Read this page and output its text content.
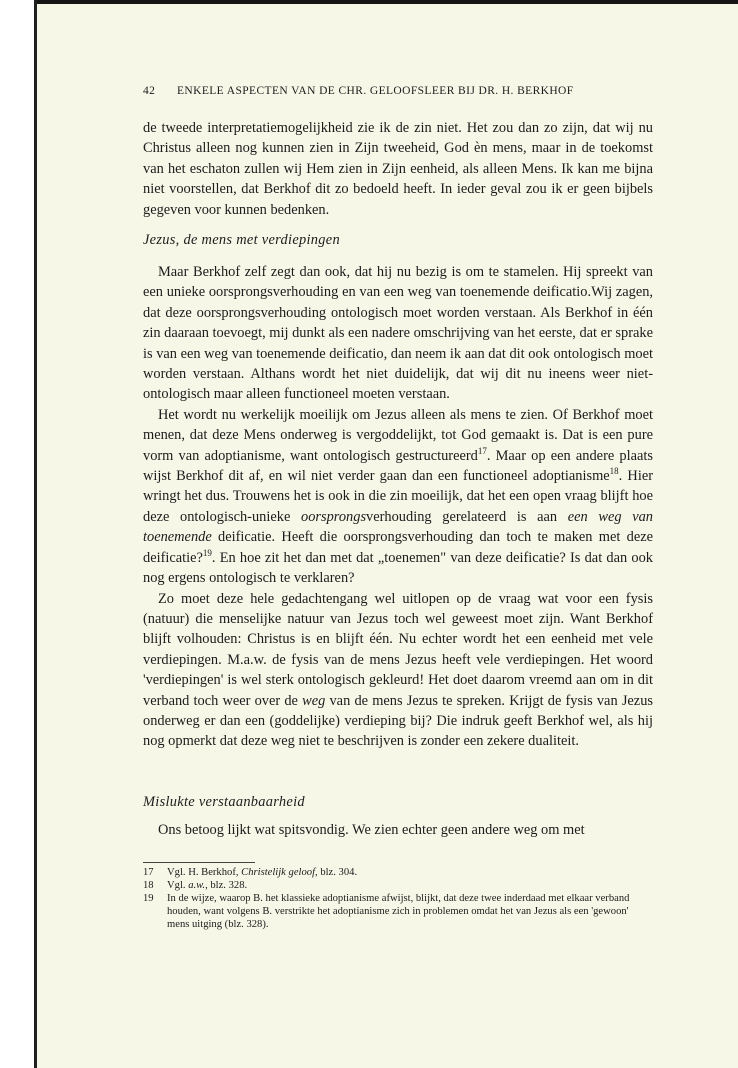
42 ENKELE ASPECTEN VAN DE CHR. GELOOFSLEER BIJ DR. H. BERKHOF

de tweede interpretatiemogelijkheid zie ik de zin niet. Het zou dan zo zijn, dat wij nu Christus alleen nog kunnen zien in Zijn tweeheid, God èn mens, maar in de toekomst van het eschaton zullen wij Hem zien in Zijn eenheid, als alleen Mens. Ik kan me bijna niet voorstellen, dat Berkhof dit zo bedoeld heeft. In ieder geval zou ik er geen bijbels gegeven voor kunnen bedenken.

Jezus, de mens met verdiepingen

Maar Berkhof zelf zegt dan ook, dat hij nu bezig is om te stamelen. Hij spreekt van een unieke oorsprongsverhouding en van een weg van toenemende deificatio.Wij zagen, dat deze oorsprongsverhouding ontologisch moet worden verstaan. Als Berkhof in één zin daaraan toevoegt, mij dunkt als een nadere omschrijving van het eerste, dat er sprake is van een weg van toenemende deificatio, dan neem ik aan dat dit ook ontologisch moet worden verstaan. Althans wordt het niet duidelijk, dat wij dit nu ineens weer niet-ontologisch maar alleen functioneel moeten verstaan.

Het wordt nu werkelijk moeilijk om Jezus alleen als mens te zien. Of Berkhof moet menen, dat deze Mens onderweg is vergoddelijkt, tot God gemaakt is. Dat is een pure vorm van adoptianisme, want ontologisch gestructureerd$^{17}$. Maar op een andere plaats wijst Berkhof dit af, en wil niet verder gaan dan een functioneel adoptianisme$^{18}$. Hier wringt het dus. Trouwens het is ook in die zin moeilijk, dat het een open vraag blijft hoe deze ontologisch-unieke oorsprongsverhouding gerelateerd is aan een weg van toenemende deificatie. Heeft die oorsprongsverhouding dan toch te maken met deze deificatie?$^{19}$. En hoe zit het dan met dat „toenemen" van deze deificatie? Is dat dan ook nog ergens ontologisch te verklaren?

Zo moet deze hele gedachtengang wel uitlopen op de vraag wat voor een fysis (natuur) die menselijke natuur van Jezus toch wel geweest moet zijn. Want Berkhof blijft volhouden: Christus is en blijft één. Nu echter wordt het een eenheid met vele verdiepingen. M.a.w. de fysis van de mens Jezus heeft vele verdiepingen. Het woord 'verdiepingen' is wel sterk ontologisch gekleurd! Het doet daarom vreemd aan om in dit verband toch weer over de weg van de mens Jezus te spreken. Krijgt de fysis van Jezus onderweg er dan een (goddelijke) verdieping bij? Die indruk geeft Berkhof wel, als hij nog opmerkt dat deze weg niet te beschrijven is zonder een zekere dualiteit.

Mislukte verstaanbaarheid

Ons betoog lijkt wat spitsvondig. We zien echter geen andere weg om met

17	Vgl. H. Berkhof, Christelijk geloof, blz. 304.
18	Vgl. a.w., blz. 328.
19	In de wijze, waarop B. het klassieke adoptianisme afwijst, blijkt, dat deze twee inderdaad met elkaar verband houden, want volgens B. verstrikte het adoptianisme zich in problemen omdat het van Jezus als een 'gewoon' mens uitging (blz. 328).
